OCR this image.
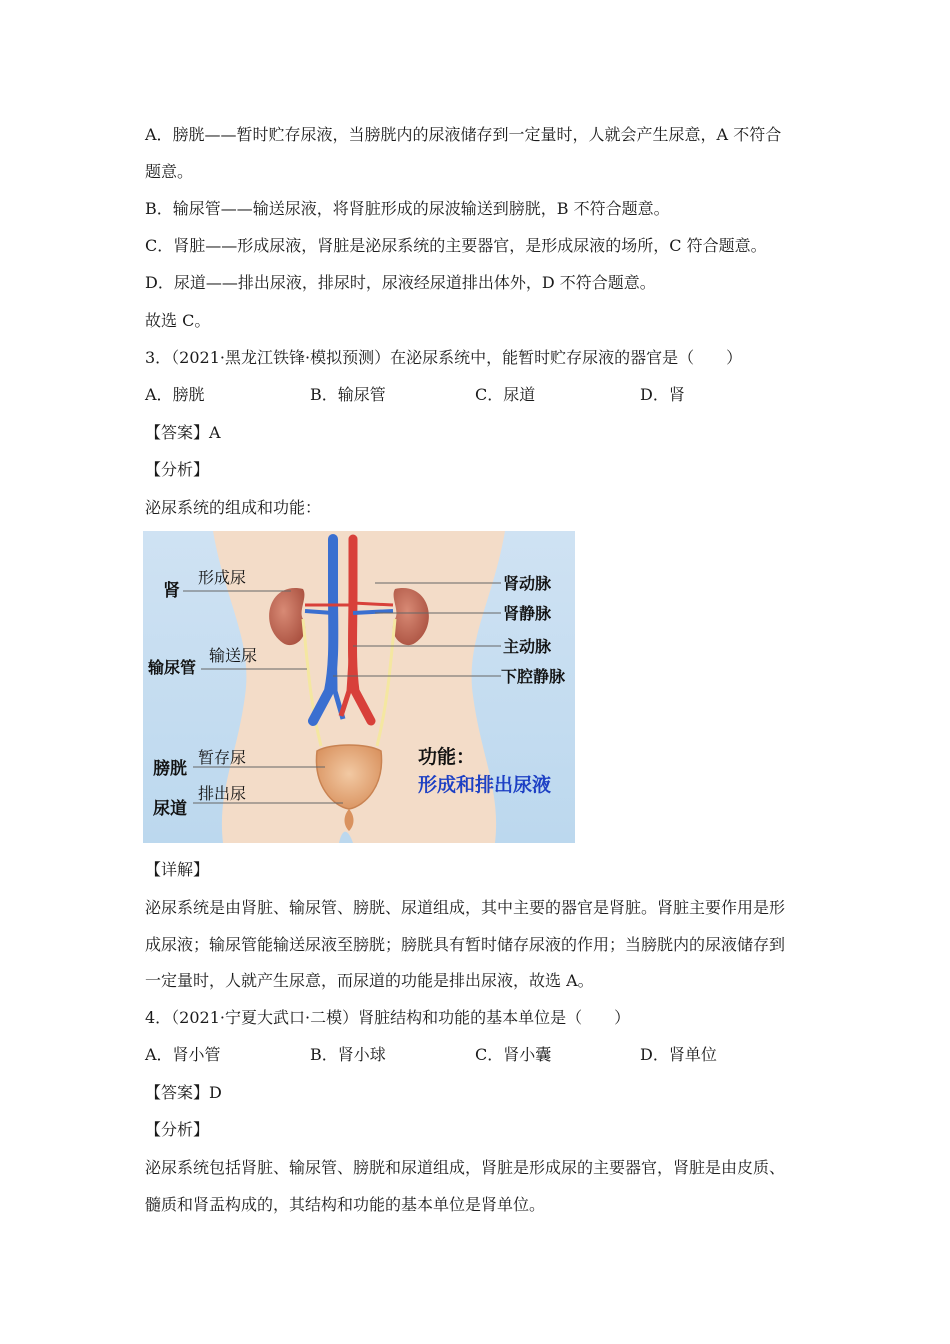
A．膀胱——暂时贮存尿液，当膀胱内的尿液储存到一定量时，人就会产生尿意，A 不符合
题意。
B．输尿管——输送尿液，将肾脏形成的尿波输送到膀胱，B 不符合题意。
C．肾脏——形成尿液，肾脏是泌尿系统的主要器官，是形成尿液的场所，C 符合题意。
D．尿道——排出尿液，排尿时，尿液经尿道排出体外，D 不符合题意。
故选 C。
3．（2021·黑龙江铁锋·模拟预测）在泌尿系统中，能暂时贮存尿液的器官是（　　）
A．膀胱	B．输尿管	C．尿道	D．肾
【答案】A
【分析】
泌尿系统的组成和功能：
肾
形成尿
输尿管
输送尿
膀胱
暂存尿
尿道
排出尿
肾动脉
肾静脉
主动脉
下腔静脉
功能：
形成和排出尿液
【详解】
泌尿系统是由肾脏、输尿管、膀胱、尿道组成，其中主要的器官是肾脏。肾脏主要作用是形
成尿液；输尿管能输送尿液至膀胱；膀胱具有暂时储存尿液的作用；当膀胱内的尿液储存到
一定量时，人就产生尿意，而尿道的功能是排出尿液，故选 A。
4．（2021·宁夏大武口·二模）肾脏结构和功能的基本单位是（　　）
A．肾小管	B．肾小球	C．肾小囊	D．肾单位
【答案】D
【分析】
泌尿系统包括肾脏、输尿管、膀胱和尿道组成，肾脏是形成尿的主要器官，肾脏是由皮质、
髓质和肾盂构成的，其结构和功能的基本单位是肾单位。
